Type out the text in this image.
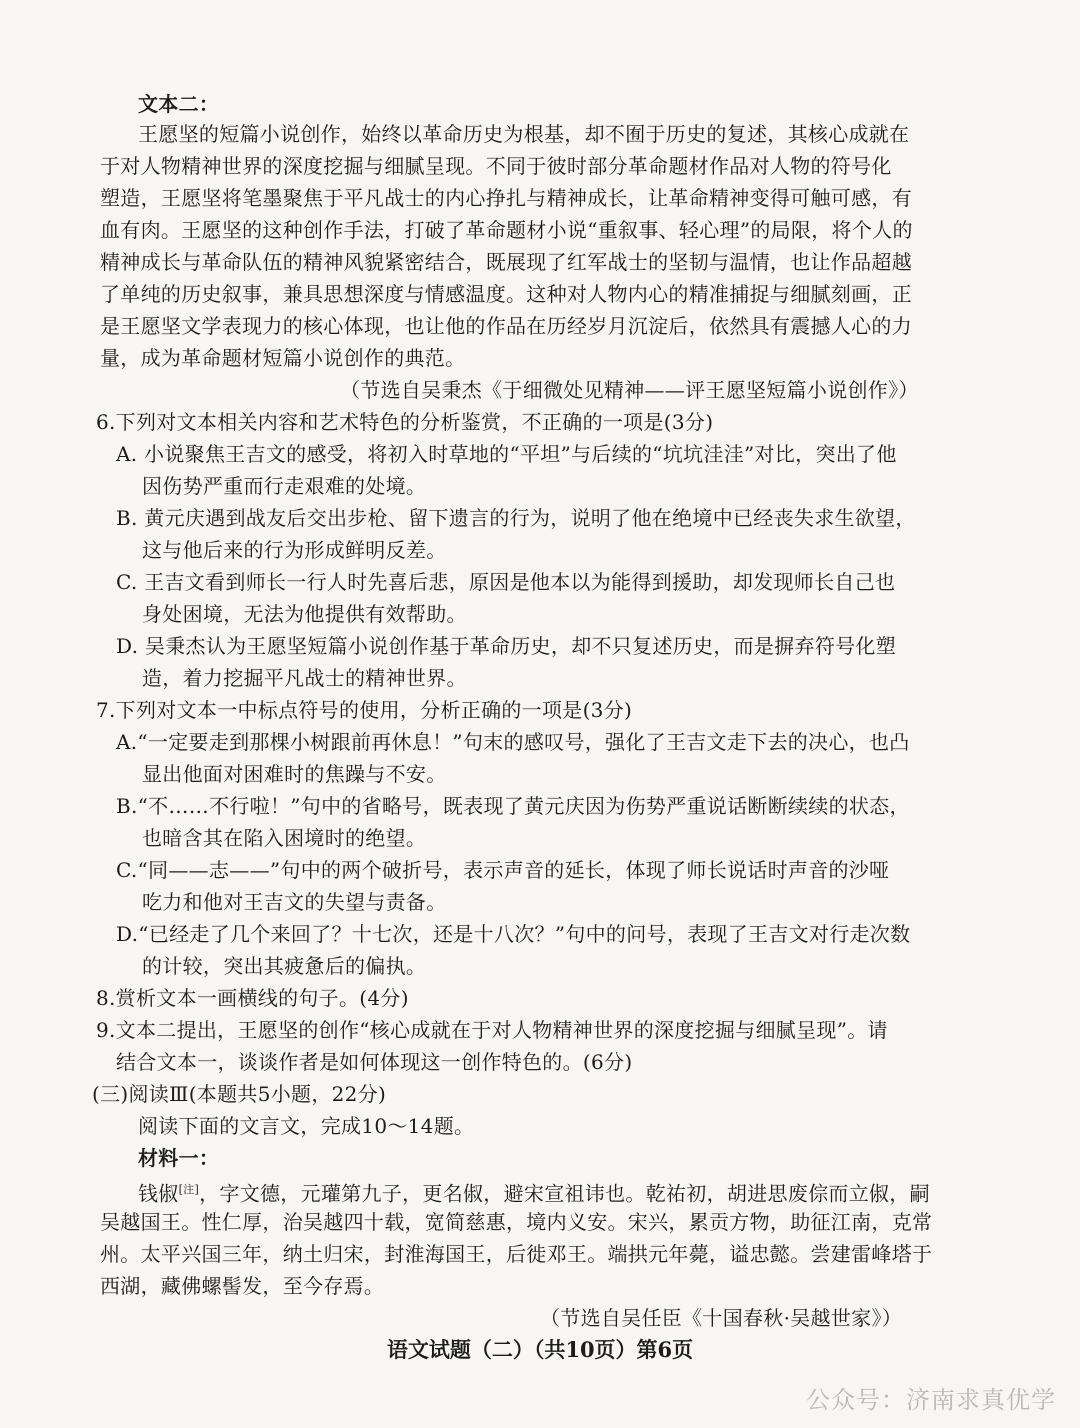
文本二：
王愿坚的短篇小说创作，始终以革命历史为根基，却不囿于历史的复述，其核心成就在
于对人物精神世界的深度挖掘与细腻呈现。不同于彼时部分革命题材作品对人物的符号化
塑造，王愿坚将笔墨聚焦于平凡战士的内心挣扎与精神成长，让革命精神变得可触可感，有
血有肉。王愿坚的这种创作手法，打破了革命题材小说“重叙事、轻心理”的局限，将个人的
精神成长与革命队伍的精神风貌紧密结合，既展现了红军战士的坚韧与温情，也让作品超越
了单纯的历史叙事，兼具思想深度与情感温度。这种对人物内心的精准捕捉与细腻刻画，正
是王愿坚文学表现力的核心体现，也让他的作品在历经岁月沉淀后，依然具有震撼人心的力
量，成为革命题材短篇小说创作的典范。
（节选自吴秉杰《于细微处见精神——评王愿坚短篇小说创作》）
6.下列对文本相关内容和艺术特色的分析鉴赏，不正确的一项是(3分)
A. 小说聚焦王吉文的感受，将初入时草地的“平坦”与后续的“坑坑洼洼”对比，突出了他
因伤势严重而行走艰难的处境。
B. 黄元庆遇到战友后交出步枪、留下遗言的行为，说明了他在绝境中已经丧失求生欲望，
这与他后来的行为形成鲜明反差。
C. 王吉文看到师长一行人时先喜后悲，原因是他本以为能得到援助，却发现师长自己也
身处困境，无法为他提供有效帮助。
D. 吴秉杰认为王愿坚短篇小说创作基于革命历史，却不只复述历史，而是摒弃符号化塑
造，着力挖掘平凡战士的精神世界。
7.下列对文本一中标点符号的使用，分析正确的一项是(3分)
A.“一定要走到那棵小树跟前再休息！”句末的感叹号，强化了王吉文走下去的决心，也凸
显出他面对困难时的焦躁与不安。
B.“不……不行啦！”句中的省略号，既表现了黄元庆因为伤势严重说话断断续续的状态，
也暗含其在陷入困境时的绝望。
C.“同——志——”句中的两个破折号，表示声音的延长，体现了师长说话时声音的沙哑
吃力和他对王吉文的失望与责备。
D.“已经走了几个来回了？十七次，还是十八次？”句中的问号，表现了王吉文对行走次数
的计较，突出其疲惫后的偏执。
8.赏析文本一画横线的句子。(4分)
9.文本二提出，王愿坚的创作“核心成就在于对人物精神世界的深度挖掘与细腻呈现”。请
结合文本一，谈谈作者是如何体现这一创作特色的。(6分)
(三)阅读Ⅲ(本题共5小题，22分)
阅读下面的文言文，完成10～14题。
材料一：
钱俶[注]，字文德，元瓘第九子，更名俶，避宋宣祖讳也。乾祐初，胡进思废倧而立俶，嗣
吴越国王。性仁厚，治吴越四十载，宽简慈惠，境内义安。宋兴，累贡方物，助征江南，克常
州。太平兴国三年，纳土归宋，封淮海国王，后徙邓王。端拱元年薨，谥忠懿。尝建雷峰塔于
西湖，藏佛螺髻发，至今存焉。
（节选自吴任臣《十国春秋·吴越世家》）
语文试题（二）（共10页）第6页
公众号：济南求真优学
